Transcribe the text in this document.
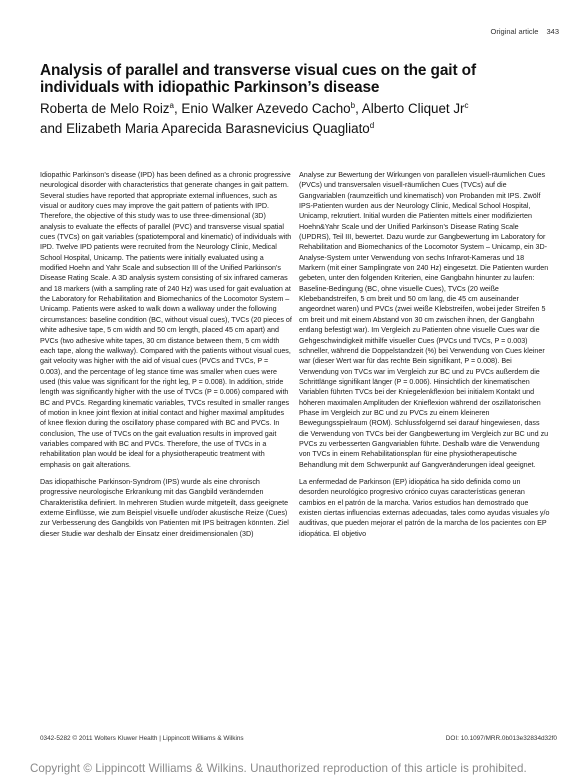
Original article 343
Analysis of parallel and transverse visual cues on the gait of individuals with idiopathic Parkinson’s disease
Roberta de Melo Roiz$^a$, Enio Walker Azevedo Cacho$^b$, Alberto Cliquet Jr$^c$
and Elizabeth Maria Aparecida Barasnevicius Quagliato$^d$

Idiopathic Parkinson’s disease (IPD) has been defined as a chronic progressive neurological disorder with characteristics that generate changes in gait pattern. Several studies have reported that appropriate external influences, such as visual or auditory cues may improve the gait pattern of patients with IPD. Therefore, the objective of this study was to use three-dimensional (3D) analysis to evaluate the effects of parallel (PVC) and transverse visual spatial cues (TVCs) on gait variables (spatiotemporal and kinematic) of individuals with IPD. Twelve IPD patients were recruited from the Neurology Clinic, Medical School Hospital, Unicamp. The patients were initially evaluated using a modified Hoehn and Yahr Scale and subsection III of the Unified Parkinson’s Disease Rating Scale. A 3D analysis system consisting of six infrared cameras and 18 markers (with a sampling rate of 240 Hz) was used for gait evaluation at the Laboratory for Rehabilitation and Biomechanics of the Locomotor System – Unicamp. Patients were asked to walk down a walkway under the following circumstances: baseline condition (BC, without visual cues), TVCs (20 pieces of white adhesive tape, 5 cm width and 50 cm length, placed 45 cm apart) and PVCs (two adhesive white tapes, 30 cm distance between them, 5 cm width each tape, along the walkway). Compared with the patients without visual cues, gait velocity was higher with the aid of visual cues (PVCs and TVCs, P = 0.003), and the percentage of leg stance time was smaller when cues were used (this value was significant for the right leg, P = 0.008). In addition, stride length was significantly higher with the use of TVCs (P = 0.006) compared with BC and PVCs. Regarding kinematic variables, TVCs resulted in smaller ranges of motion in knee joint flexion at initial contact and higher maximal amplitudes of knee flexion during the oscillatory phase compared with BC and PVCs. In conclusion, The use of TVCs on the gait evaluation results in improved gait variables compared with BC and PVCs. Therefore, the use of TVCs in a rehabilitation plan would be ideal for a physiotherapeutic treatment with emphasis on gait alterations.

Das idiopathische Parkinson-Syndrom (IPS) wurde als eine chronisch progressive neurologische Erkrankung mit das Gangbild verändernden Charakteristika definiert. In mehreren Studien wurde mitgeteilt, dass geeignete externe Einflüsse, wie zum Beispiel visuelle und/oder akustische Reize (Cues) zur Verbesserung des Gangbilds von Patienten mit IPS beitragen könnten. Ziel dieser Studie war deshalb der Einsatz einer dreidimensionalen (3D)

Analyse zur Bewertung der Wirkungen von parallelen visuell-räumlichen Cues (PVCs) und transversalen visuell-räumlichen Cues (TVCs) auf die Gangvariablen (raumzeitlich und kinematisch) von Probanden mit IPS. Zwölf IPS-Patienten wurden aus der Neurology Clinic, Medical School Hospital, Unicamp, rekrutiert. Initial wurden die Patienten mittels einer modifizierten Hoehn&Yahr Scale und der Unified Parkinson’s Disease Rating Scale (UPDRS), Teil III, bewertet. Dazu wurde zur Gangbewertung im Laboratory for Rehabilitation and Biomechanics of the Locomotor System – Unicamp, ein 3D-Analyse-System unter Verwendung von sechs Infrarot-Kameras und 18 Markern (mit einer Samplingrate von 240 Hz) eingesetzt. Die Patienten wurden gebeten, unter den folgenden Kriterien, eine Gangbahn hinunter zu laufen: Baseline-Bedingung (BC, ohne visuelle Cues), TVCs (20 weiße Klebebandstreifen, 5 cm breit und 50 cm lang, die 45 cm auseinander angeordnet waren) und PVCs (zwei weiße Klebstreifen, wobei jeder Streifen 5 cm breit und mit einem Abstand von 30 cm zwischen ihnen, der Gangbahn entlang befestigt war). Im Vergleich zu Patienten ohne visuelle Cues war die Gehgeschwindigkeit mithilfe visueller Cues (PVCs und TVCs, P = 0.003) schneller, während die Doppelstandzeit (%) bei Verwendung von Cues kleiner war (dieser Wert war für das rechte Bein signifikant, P = 0.008). Bei Verwendung von TVCs war im Vergleich zur BC und zu PVCs außerdem die Schrittlänge signifikant länger (P = 0.006). Hinsichtlich der kinematischen Variablen führten TVCs bei der Kniegelenkflexion bei initialem Kontakt und höheren maximalen Amplituden der Knieflexion während der oszillatorischen Phase im Vergleich zur BC und zu PVCs zu einem kleineren Bewegungsspielraum (ROM). Schlussfolgernd sei darauf hingewiesen, dass die Verwendung von TVCs bei der Gangbewertung im Vergleich zur BC und zu PVCs zu verbesserten Gangvariablen führte. Deshalb wäre die Verwendung von TVCs in einem Rehabilitationsplan für eine physiotherapeutische Behandlung mit dem Schwerpunkt auf Gangveränderungen ideal geeignet.

La enfermedad de Parkinson (EP) idiopática ha sido definida como un desorden neurológico progresivo crónico cuyas características generan cambios en el patrón de la marcha. Varios estudios han demostrado que existen ciertas influencias externas adecuadas, tales como ayudas visuales y/o auditivas, que pueden mejorar el patrón de la marcha de los pacientes con EP idiopática. El objetivo

0342-5282 © 2011 Wolters Kluwer Health | Lippincott Williams & Wilkins	DOI: 10.1097/MRR.0b013e32834d32f0
Copyright © Lippincott Williams & Wilkins. Unauthorized reproduction of this article is prohibited.
